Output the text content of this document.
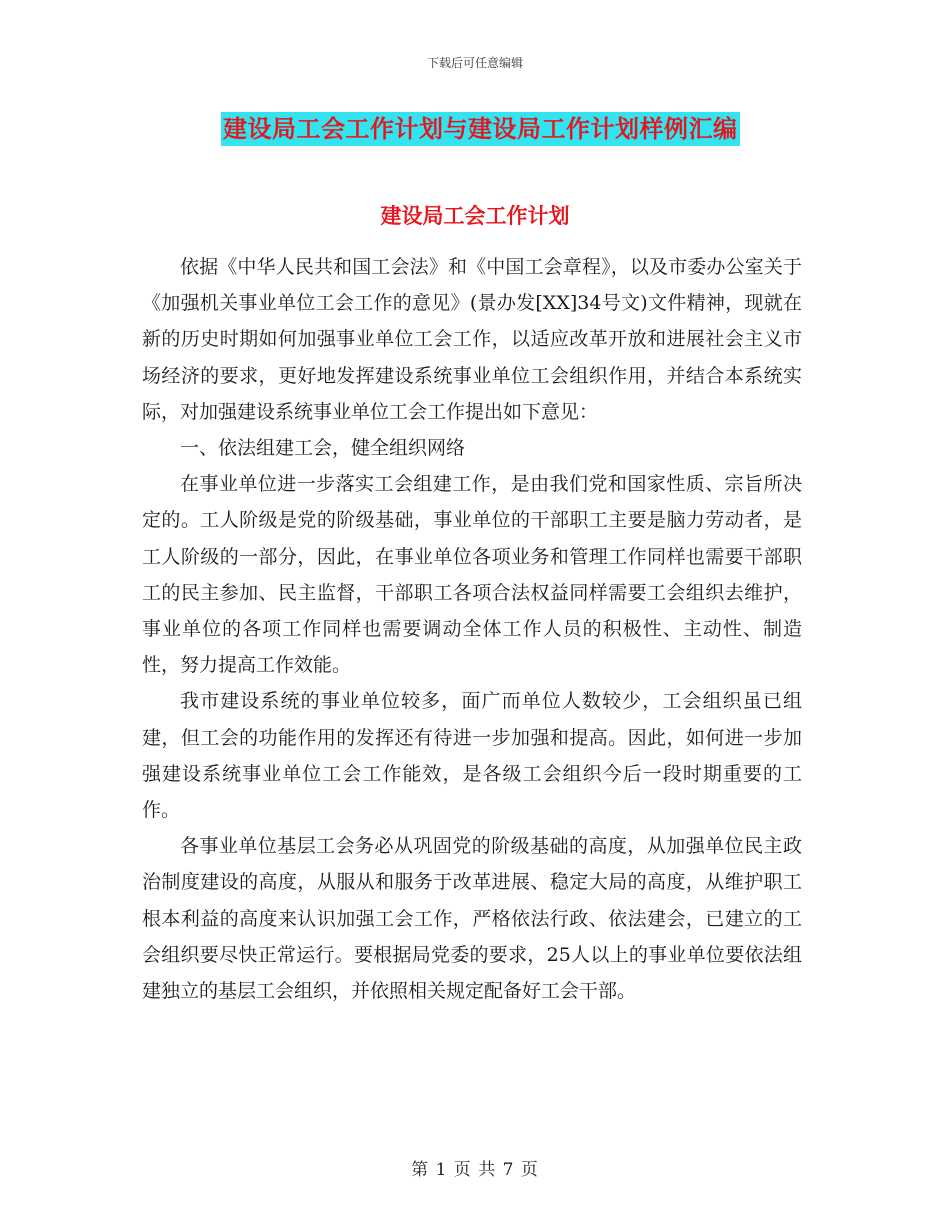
下载后可任意编辑
建设局工会工作计划与建设局工作计划样例汇编
建设局工会工作计划

依据《中华人民共和国工会法》和《中国工会章程》，以及市委办公室关于《加强机关事业单位工会工作的意见》(景办发[XX]34号文)文件精神，现就在新的历史时期如何加强事业单位工会工作，以适应改革开放和进展社会主义市场经济的要求，更好地发挥建设系统事业单位工会组织作用，并结合本系统实际，对加强建设系统事业单位工会工作提出如下意见：

一、依法组建工会，健全组织网络

在事业单位进一步落实工会组建工作，是由我们党和国家性质、宗旨所决定的。工人阶级是党的阶级基础，事业单位的干部职工主要是脑力劳动者，是工人阶级的一部分，因此，在事业单位各项业务和管理工作同样也需要干部职工的民主参加、民主监督，干部职工各项合法权益同样需要工会组织去维护，事业单位的各项工作同样也需要调动全体工作人员的积极性、主动性、制造性，努力提高工作效能。

我市建设系统的事业单位较多，面广而单位人数较少，工会组织虽已组建，但工会的功能作用的发挥还有待进一步加强和提高。因此，如何进一步加强建设系统事业单位工会工作能效，是各级工会组织今后一段时期重要的工作。

各事业单位基层工会务必从巩固党的阶级基础的高度，从加强单位民主政治制度建设的高度，从服从和服务于改革进展、稳定大局的高度，从维护职工根本利益的高度来认识加强工会工作，严格依法行政、依法建会，已建立的工会组织要尽快正常运行。要根据局党委的要求，25人以上的事业单位要依法组建独立的基层工会组织，并依照相关规定配备好工会干部。

第 1 页 共 7 页
